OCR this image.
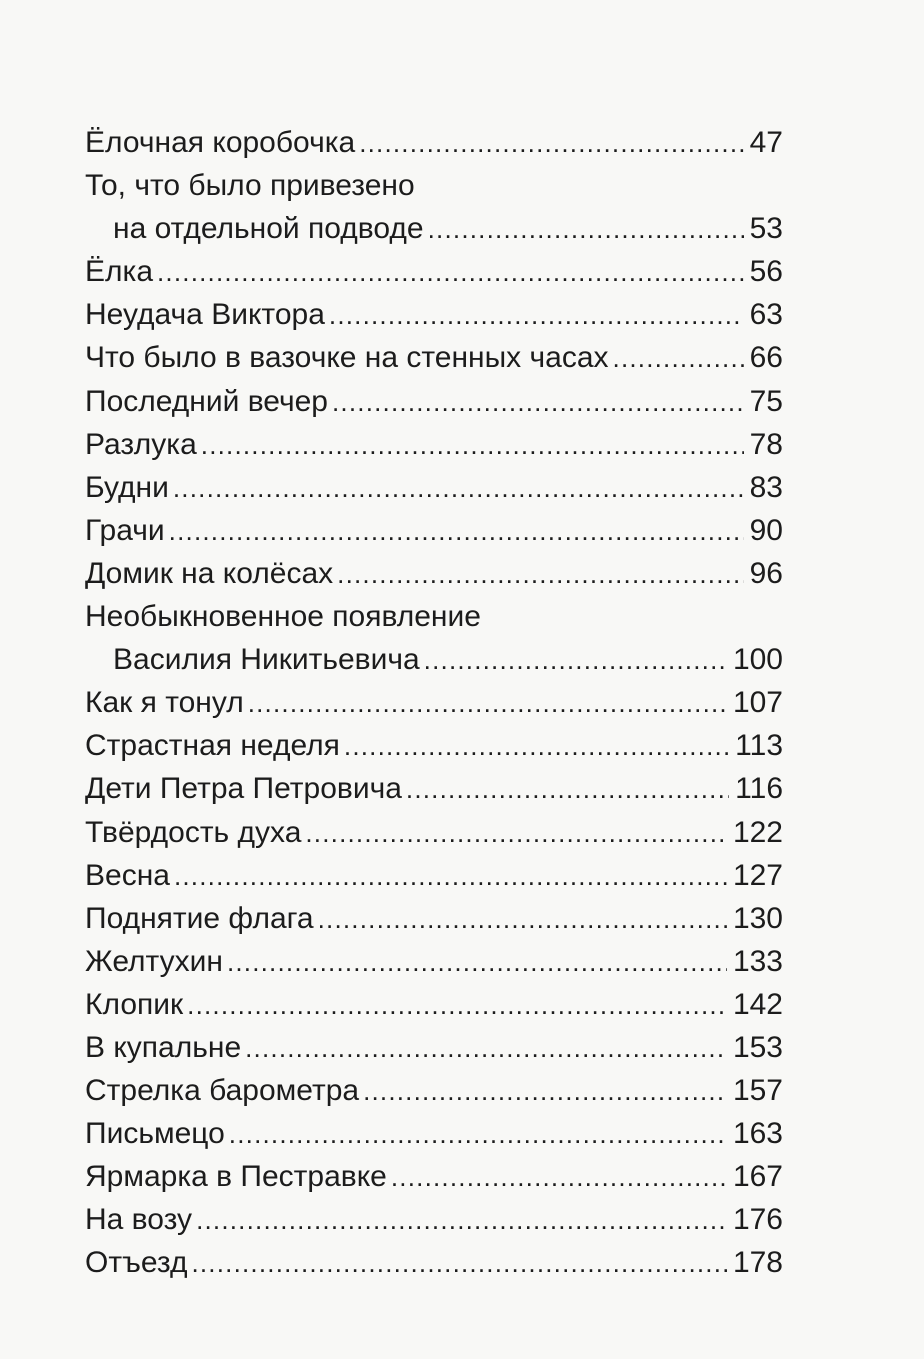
Ёлочная коробочка .....	47
То, что было привезено
на отдельной подводе .....	53
Ёлка .....	56
Неудача Виктора .....	63
Что было в вазочке на стенных часах .....	66
Последний вечер .....	75
Разлука .....	78
Будни .....	83
Грачи .....	90
Домик на колёсах .....	96
Необыкновенное появление
Василия Никитьевича .....	100
Как я тонул .....	107
Страстная неделя .....	113
Дети Петра Петровича .....	116
Твёрдость духа .....	122
Весна .....	127
Поднятие флага .....	130
Желтухин .....	133
Клопик .....	142
В купальне .....	153
Стрелка барометра .....	157
Письмецо .....	163
Ярмарка в Пестравке .....	167
На возу .....	176
Отъезд .....	178
